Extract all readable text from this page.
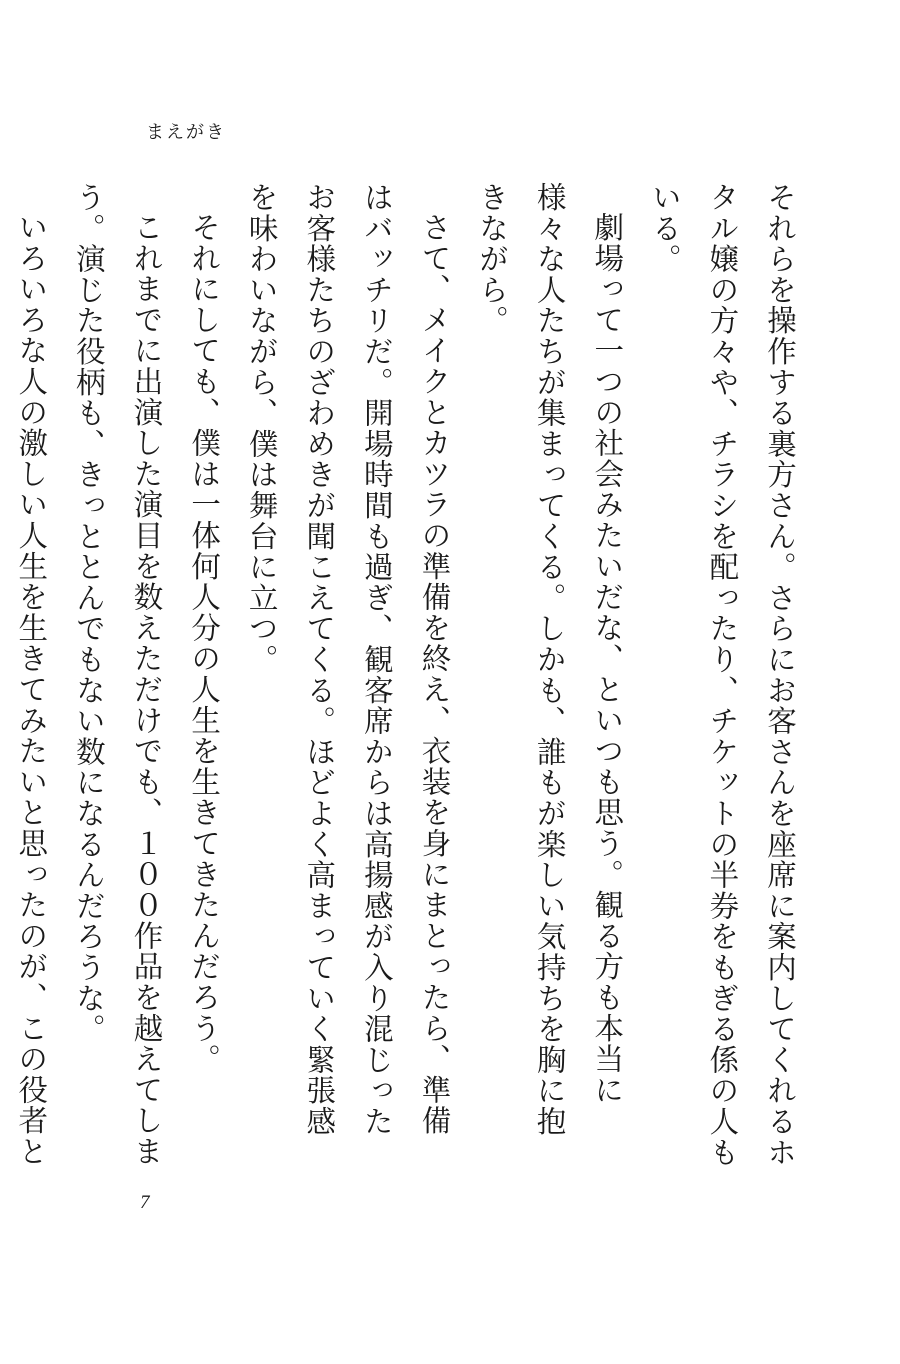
まえがき

それらを操作する裏方さん。さらにお客さんを座席に案内してくれるホタル嬢の方々や、チラシを配ったり、チケットの半券をもぎる係の人もいる。

劇場って一つの社会みたいだな、といつも思う。観る方も本当に様々な人たちが集まってくる。しかも、誰もが楽しい気持ちを胸に抱きながら。

さて、メイクとカツラの準備を終え、衣装を身にまとったら、準備はバッチリだ。開場時間も過ぎ、観客席からは高揚感が入り混じったお客様たちのざわめきが聞こえてくる。ほどよく高まっていく緊張感を味わいながら、僕は舞台に立つ。

それにしても、僕は一体何人分の人生を生きてきたんだろう。

これまでに出演した演目を数えただけでも、１００作品を越えてしまう。演じた役柄も、きっととんでもない数になるんだろうな。

いろいろな人の激しい人生を生きてみたいと思ったのが、この役者と

7
